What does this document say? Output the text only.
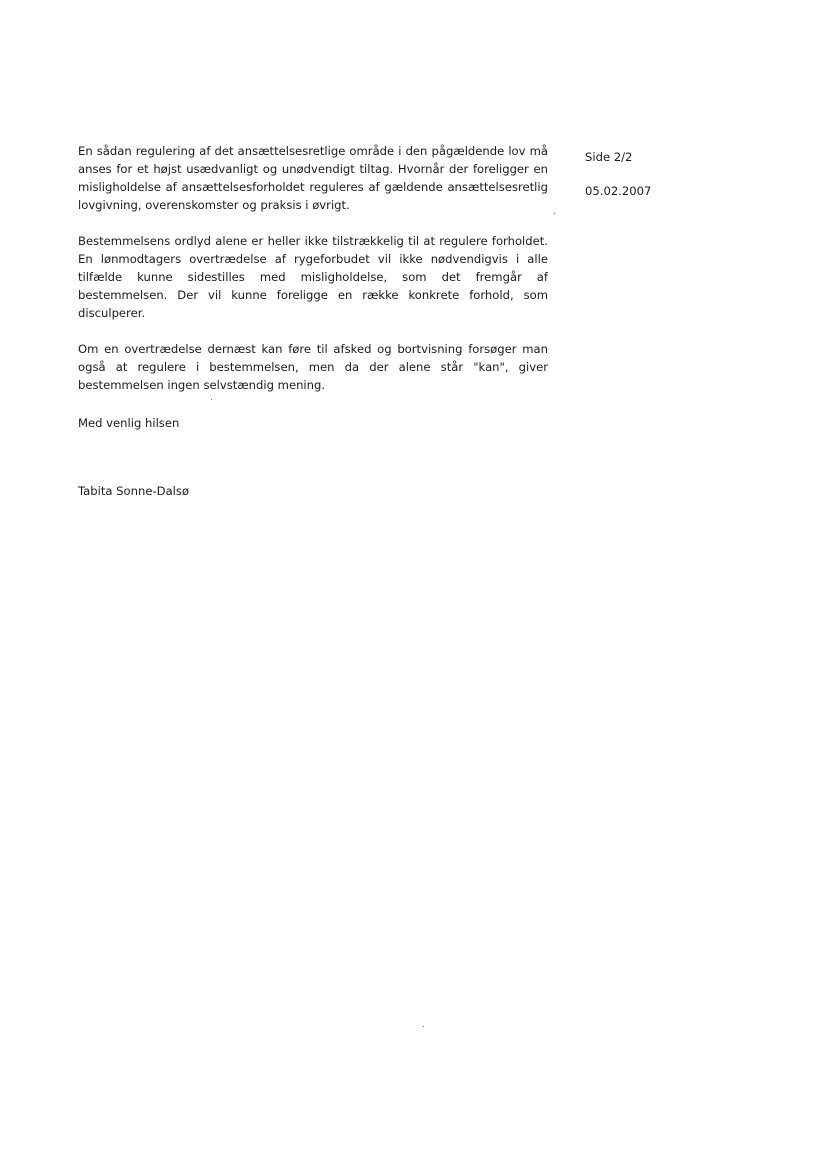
En sådan regulering af det ansættelsesretlige område i den pågældende lov må anses for et højst usædvanligt og unødvendigt tiltag. Hvornår der foreligger en misligholdelse af ansættelsesforholdet reguleres af gældende ansættelsesretlig lovgivning, overenskomster og praksis i øvrigt.

Bestemmelsens ordlyd alene er heller ikke tilstrækkelig til at regulere forholdet. En lønmodtagers overtrædelse af rygeforbudet vil ikke nødvendigvis i alle tilfælde kunne sidestilles med misligholdelse, som det fremgår af bestemmelsen. Der vil kunne foreligge en række konkrete forhold, som disculperer.

Om en overtrædelse dernæst kan føre til afsked og bortvisning forsøger man også at regulere i bestemmelsen, men da der alene står "kan", giver bestemmelsen ingen selvstændig mening.

Med venlig hilsen

Tabita Sonne-Dalsø

Side 2/2

05.02.2007
